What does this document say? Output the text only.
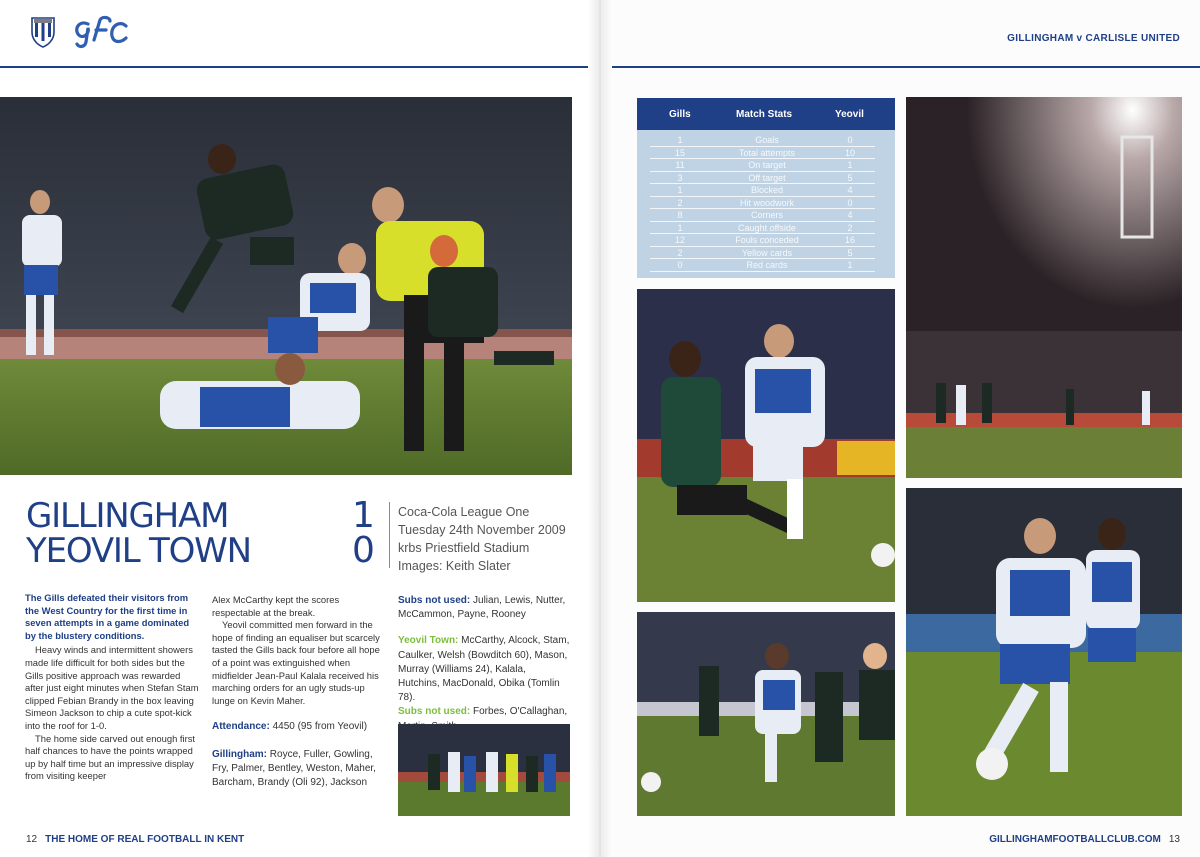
GILLINGHAM v CARLISLE UNITED
GILLINGHAM
YEOVIL TOWN
1
0
Coca-Cola League One
Tuesday 24th November 2009
krbs Priestfield Stadium
Images: Keith Slater
The Gills defeated their visitors from the West Country for the first time in seven attempts in a game dominated by the blustery conditions.
Heavy winds and intermittent showers made life difficult for both sides but the Gills positive approach was rewarded after just eight minutes when Stefan Stam clipped Febian Brandy in the box leaving Simeon Jackson to chip a cute spot-kick into the roof for 1-0.
The home side carved out enough first half chances to have the points wrapped up by half time but an impressive display from visiting keeper
Alex McCarthy kept the scores respectable at the break.
Yeovil committed men forward in the hope of finding an equaliser but scarcely tasted the Gills back four before all hope of a point was extinguished when midfielder Jean-Paul Kalala received his marching orders for an ugly studs-up lunge on Kevin Maher.
Attendance: 4450 (95 from Yeovil)
Gillingham: Royce, Fuller, Gowling, Fry, Palmer, Bentley, Weston, Maher, Barcham, Brandy (Oli 92), Jackson
Subs not used: Julian, Lewis, Nutter, McCammon, Payne, Rooney
Yeovil Town: McCarthy, Alcock, Stam, Caulker, Welsh (Bowditch 60), Mason, Murray (Williams 24), Kalala, Hutchins, MacDonald, Obika (Tomlin 78).
Subs not used: Forbes, O'Callaghan,
Gills	Match Stats	Yeovil
1	Goals	0
15	Total attempts	10
11	On target	1
3	Off target	5
1	Blocked	4
2	Hit woodwork	0
8	Corners	4
1	Caught offside	2
12	Fouls conceded	16
2	Yellow cards	5
0	Red cards	1
12 THE HOME OF REAL FOOTBALL IN KENT	GILLINGHAMFOOTBALLCLUB.COM 13
